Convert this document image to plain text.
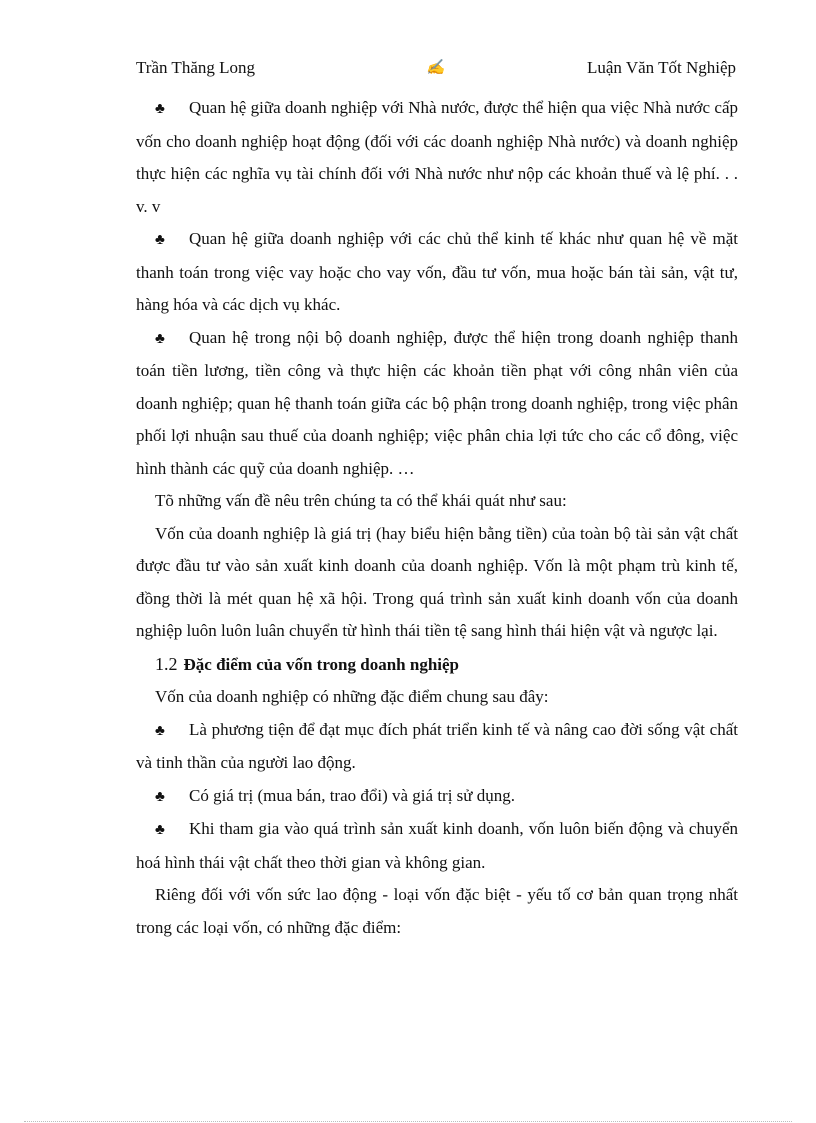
Trần Thăng Long	✍	Luận Văn Tốt Nghiệp

♣ Quan hệ giữa doanh nghiệp với Nhà nước, được thể hiện qua việc Nhà nước cấp vốn cho doanh nghiệp hoạt động (đối với các doanh nghiệp Nhà nước) và doanh nghiệp thực hiện các nghĩa vụ tài chính đối với Nhà nước như nộp các khoản thuế và lệ phí. . . v. v

♣ Quan hệ giữa doanh nghiệp với các chủ thể kinh tế khác như quan hệ về mặt thanh toán trong việc vay hoặc cho vay vốn, đầu tư vốn, mua hoặc bán tài sản, vật tư, hàng hóa và các dịch vụ khác.

♣ Quan hệ trong nội bộ doanh nghiệp, được thể hiện trong doanh nghiệp thanh toán tiền lương, tiền công và thực hiện các khoản tiền phạt với công nhân viên của doanh nghiệp; quan hệ thanh toán giữa các bộ phận trong doanh nghiệp, trong việc phân phối lợi nhuận sau thuế của doanh nghiệp; việc phân chia lợi tức cho các cổ đông, việc hình thành các quỹ của doanh nghiệp. …

Tõ những vấn đề nêu trên chúng ta có thể khái quát như sau:

Vốn của doanh nghiệp là giá trị (hay biểu hiện bằng tiền) của toàn bộ tài sản vật chất được đầu tư vào sản xuất kinh doanh của doanh nghiệp. Vốn là một phạm trù kinh tế, đồng thời là mét quan hệ xã hội. Trong quá trình sản xuất kinh doanh vốn của doanh nghiệp luôn luôn luân chuyển từ hình thái tiền tệ sang hình thái hiện vật và ngược lại.

1.2 Đặc điểm của vốn trong doanh nghiệp

Vốn của doanh nghiệp có những đặc điểm chung sau đây:

♣ Là phương tiện để đạt mục đích phát triển kinh tế và nâng cao đời sống vật chất và tinh thần của người lao động.

♣ Có giá trị (mua bán, trao đổi) và giá trị sử dụng.

♣ Khi tham gia vào quá trình sản xuất kinh doanh, vốn luôn biến động và chuyển hoá hình thái vật chất theo thời gian và không gian.

Riêng đối với vốn sức lao động - loại vốn đặc biệt - yếu tố cơ bản quan trọng nhất trong các loại vốn, có những đặc điểm:
